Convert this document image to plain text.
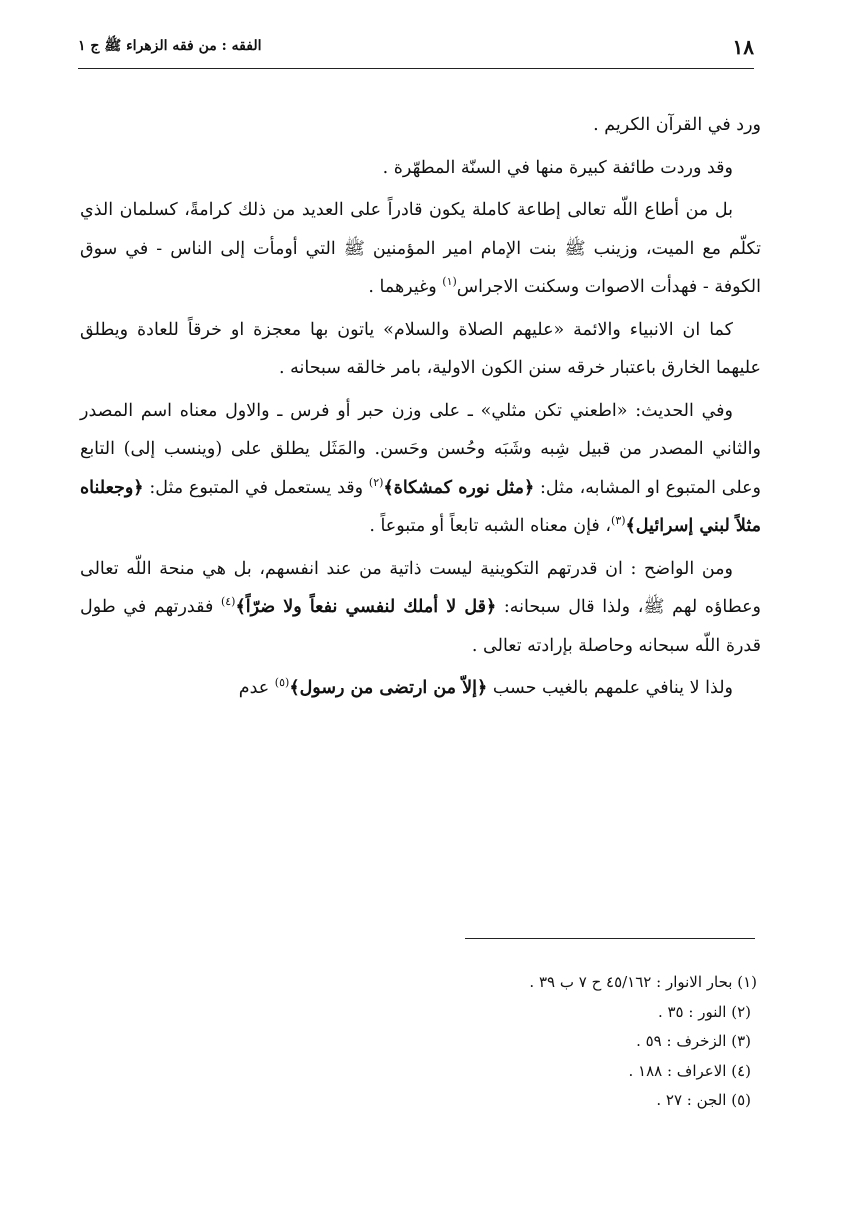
١٨
الفقه : من فقه الزهراء ﷺ ج ١

ورد في القرآن الكريم .

وقد وردت طائفة كبيرة منها في السنّة المطهّرة .

بل من أطاع اللّه تعالى إطاعة كاملة يكون قادراً على العديد من ذلك كرامةً، كسلمان الذي تكلّم مع الميت، وزينب ﷺ بنت الإمام امير المؤمنين ﷺ التي أومأت إلى الناس - في سوق الكوفة - فهدأت الاصوات وسكنت الاجراس$^{(١)}$ وغيرهما .

كما ان الانبياء والائمة «عليهم الصلاة والسلام» ياتون بها معجزة او خرقاً للعادة ويطلق عليهما الخارق باعتبار خرقه سنن الكون الاولية، بامر خالقه سبحانه .

وفي الحديث: «اطعني تكن مثلي» ـ على وزن حبر أو فرس ـ والاول معناه اسم المصدر والثاني المصدر من قبيل شِبه وشَبَه وحُسن وحَسن. والمَثَل يطلق على (وينسب إلى) التابع وعلى المتبوع او المشابه، مثل: ﴿مثل نوره كمشكاة﴾$^{(٢)}$ وقد يستعمل في المتبوع مثل: ﴿وجعلناه مثلاً لبني إسرائيل﴾$^{(٣)}$، فإن معناه الشبه تابعاً أو متبوعاً .

ومن الواضح : ان قدرتهم التكوينية ليست ذاتية من عند انفسهم، بل هي منحة اللّه تعالى وعطاؤه لهم ﷺ، ولذا قال سبحانه: ﴿قل لا أملك لنفسي نفعاً ولا ضرّاً﴾$^{(٤)}$ فقدرتهم في طول قدرة اللّه سبحانه وحاصلة بإرادته تعالى .

ولذا لا ينافي علمهم بالغيب حسب ﴿إلاّ من ارتضى من رسول﴾$^{(٥)}$ عدم

(١) بحار الانوار : ٤٥/١٦٢ ح ٧ ب ٣٩ .
(٢) النور : ٣٥ .
(٣) الزخرف : ٥٩ .
(٤) الاعراف : ١٨٨ .
(٥) الجن : ٢٧ .
